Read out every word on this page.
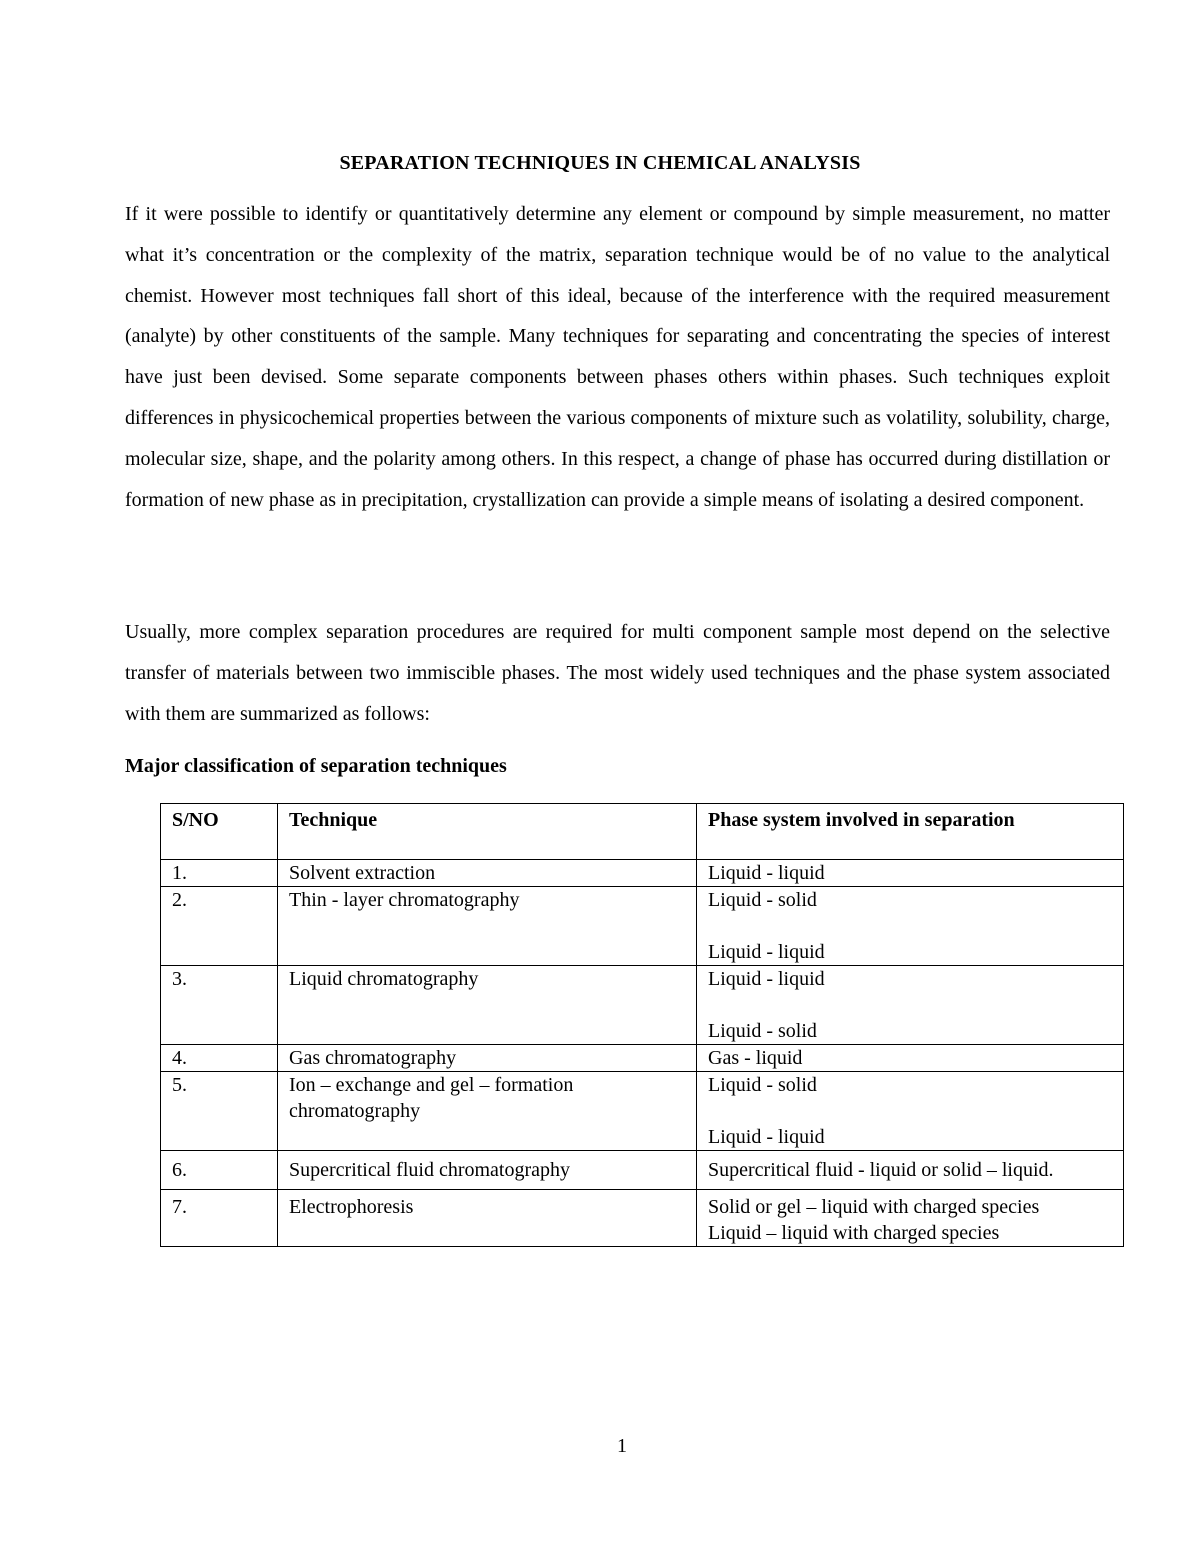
SEPARATION TECHNIQUES IN CHEMICAL ANALYSIS

If it were possible to identify or quantitatively determine any element or compound by simple measurement, no matter what it’s concentration or the complexity of the matrix, separation technique would be of no value to the analytical chemist. However most techniques fall short of this ideal, because of the interference with the required measurement (analyte) by other constituents of the sample. Many techniques for separating and concentrating the species of interest have just been devised. Some separate components between phases others within phases. Such techniques exploit differences in physicochemical properties between the various components of mixture such as volatility, solubility, charge, molecular size, shape, and the polarity among others. In this respect, a change of phase has occurred during distillation or formation of new phase as in precipitation, crystallization can provide a simple means of isolating a desired component.

Usually, more complex separation procedures are required for multi component sample most depend on the selective transfer of materials between two immiscible phases. The most widely used techniques and the phase system associated with them are summarized as follows:

Major classification of separation techniques
S/NO	Technique	Phase system involved in separation
1.	Solvent extraction	Liquid - liquid

2.	Thin - layer chromatography	Liquid - solid
Liquid - liquid

3.	Liquid chromatography	Liquid - liquid
Liquid - solid

4.	Gas chromatography	Gas - liquid

5.	Ion – exchange and gel – formation chromatography	Liquid - solid
Liquid - liquid

6.	Supercritical fluid chromatography	Supercritical fluid - liquid or solid – liquid.

7.	Electrophoresis	Solid or gel – liquid with charged species
Liquid – liquid with charged species
1
